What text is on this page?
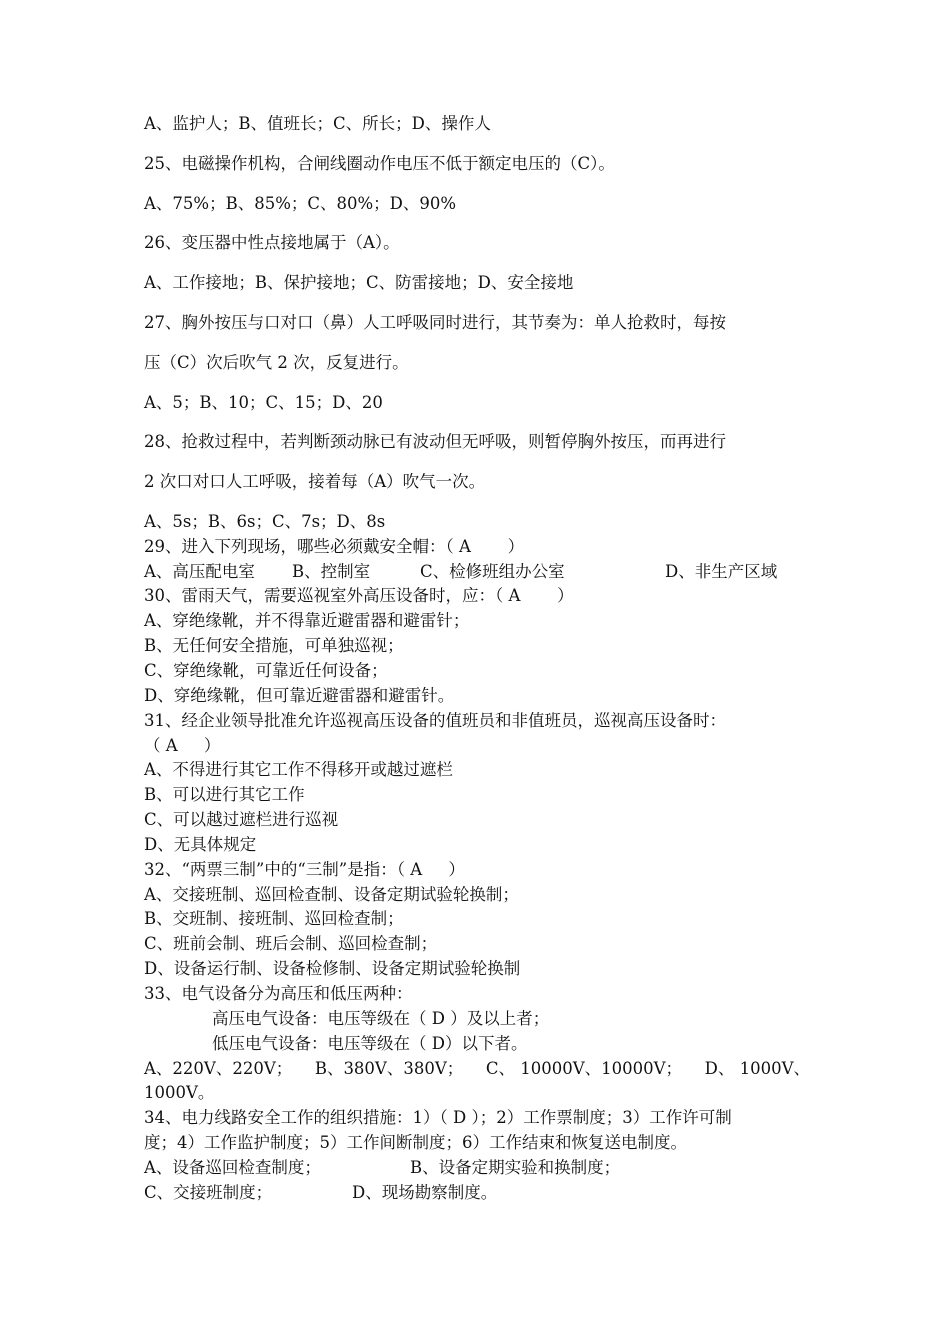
A、监护人；B、值班长；C、所长；D、操作人
25、电磁操作机构，合闸线圈动作电压不低于额定电压的（C）。
A、75%；B、85%；C、80%；D、90%
26、变压器中性点接地属于（A）。
A、工作接地；B、保护接地；C、防雷接地；D、安全接地
27、胸外按压与口对口（鼻）人工呼吸同时进行，其节奏为：单人抢救时，每按
压（C）次后吹气 2 次，反复进行。
A、5；B、10；C、15；D、20
28、抢救过程中，若判断颈动脉已有波动但无呼吸，则暂停胸外按压，而再进行
2 次口对口人工呼吸，接着每（A）吹气一次。
A、5s；B、6s；C、7s；D、8s
29、进入下列现场，哪些必须戴安全帽：（ A       ）
A、高压配电室 B、控制室	C、检修班组办公室	D、非生产区域
30、雷雨天气，需要巡视室外高压设备时，应：（ A       ）
A、穿绝缘靴，并不得靠近避雷器和避雷针；
B、无任何安全措施，可单独巡视；
C、穿绝缘靴，可靠近任何设备；
D、穿绝缘靴，但可靠近避雷器和避雷针。
31、经企业领导批准允许巡视高压设备的值班员和非值班员，巡视高压设备时：
（ A     ）
A、不得进行其它工作不得移开或越过遮栏
B、可以进行其它工作
C、可以越过遮栏进行巡视
D、无具体规定
32、“两票三制”中的“三制”是指：（ A     ）
A、交接班制、巡回检查制、设备定期试验轮换制；
B、交班制、接班制、巡回检查制；
C、班前会制、班后会制、巡回检查制；
D、设备运行制、设备检修制、设备定期试验轮换制
33、电气设备分为高压和低压两种：
高压电气设备：电压等级在（ D ）及以上者；
低压电气设备：电压等级在（ D）以下者。
A、220V、220V； B、380V、380V； C、 10000V、10000V； D、 1000V、
1000V。
34、电力线路安全工作的组织措施：1）（ D ）；2）工作票制度；3）工作许可制
度；4）工作监护制度；5）工作间断制度；6）工作结束和恢复送电制度。
A、设备巡回检查制度；	B、设备定期实验和换制度；
C、交接班制度；	D、现场勘察制度。
